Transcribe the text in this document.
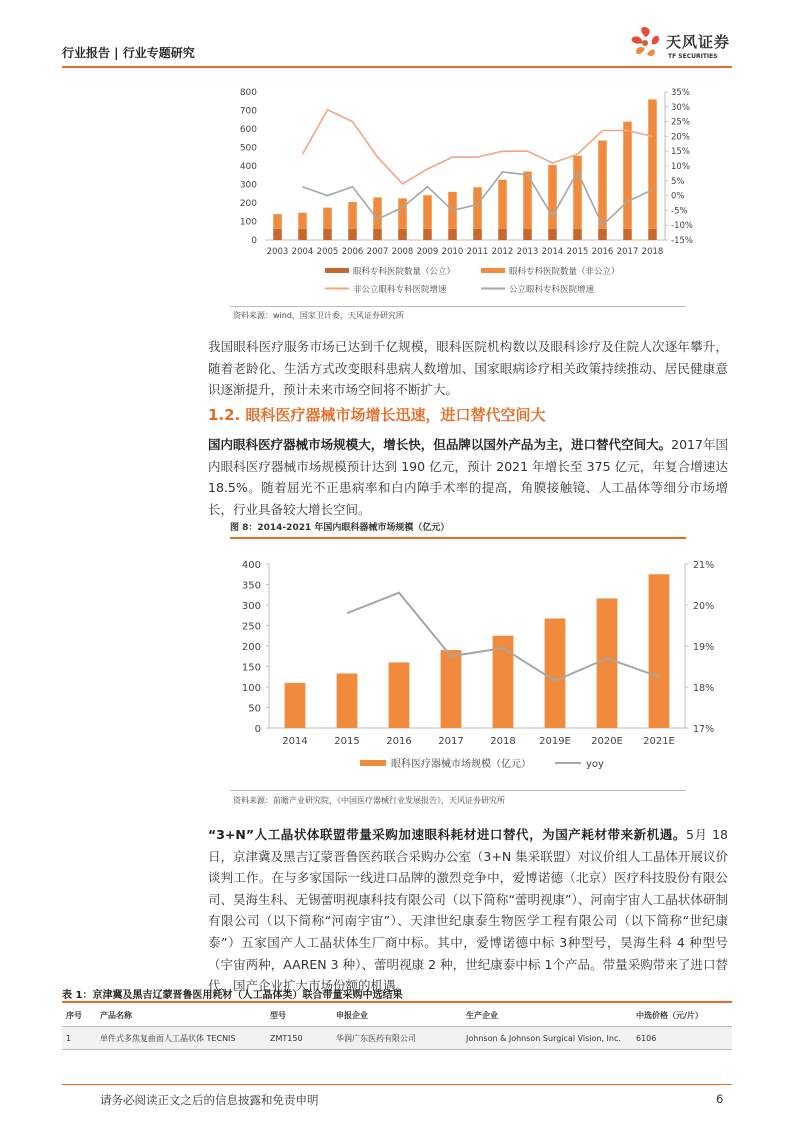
行业报告 | 行业专题研究
天风证券
TF SECURITIES
0
100
200
300
400
500
600
700
800
-15%
-10%
-5%
0%
5%
10%
15%
20%
25%
30%
35%
2003 2004 2005 2006 2007 2008 2009 2010 2011 2012 2013 2014 2015 2016 2017 2018
眼科专科医院数量（公立）	眼科专科医院数量（非公立）
非公立眼科专科医院增速	公立眼科专科医院增速
资料来源：wind，国家卫计委，天风证券研究所
我国眼科医疗服务市场已达到千亿规模，眼科医院机构数以及眼科诊疗及住院人次逐年攀升，随着老龄化、生活方式改变眼科患病人数增加、国家眼病诊疗相关政策持续推动、居民健康意识逐渐提升，预计未来市场空间将不断扩大。
1.2. 眼科医疗器械市场增长迅速，进口替代空间大
国内眼科医疗器械市场规模大，增长快，但品牌以国外产品为主，进口替代空间大。2017年国内眼科医疗器械市场规模预计达到 190 亿元，预计 2021 年增长至 375 亿元，年复合增速达 18.5%。随着屈光不正患病率和白内障手术率的提高，角膜接触镜、人工晶体等细分市场增长，行业具备较大增长空间。
图 8：2014-2021 年国内眼科器械市场规模（亿元）
0
50
100
150
200
250
300
350
400
17%
18%
19%
20%
21%
2014	2015	2016	2017	2018 2019E 2020E 2021E
眼科医疗器械市场规模（亿元）	yoy
资料来源：前瞻产业研究院，《中国医疗器械行业发展报告》，天风证券研究所
“3+N”人工晶状体联盟带量采购加速眼科耗材进口替代，为国产耗材带来新机遇。5月 18 日，京津冀及黑吉辽蒙晋鲁医药联合采购办公室（3+N 集采联盟）对议价组人工晶体开展议价谈判工作。在与多家国际一线进口品牌的激烈竞争中，爱博诺德（北京）医疗科技股份有限公司、昊海生科、无锡蕾明视康科技有限公司（以下简称“蕾明视康”）、河南宇宙人工晶状体研制有限公司（以下简称“河南宇宙”）、天津世纪康泰生物医学工程有限公司（以下简称“世纪康泰”）五家国产人工晶状体生厂商中标。其中，爱博诺德中标 3种型号，昊海生科 4 种型号（宇宙两种，AAREN 3 种）、蕾明视康 2 种，世纪康泰中标 1个产品。带量采购带来了进口替代、国产企业扩大市场份额的机遇。
表 1：京津冀及黑吉辽蒙晋鲁医用耗材（人工晶体类）联合带量采购中选结果
序号	产品名称	型号	申报企业	生产企业	中选价格（元/片）
1	单件式多焦复曲面人工晶状体 TECNIS	ZMT150	华润广东医药有限公司	Johnson & Johnson Surgical Vision, Inc.	6106
请务必阅读正文之后的信息披露和免责申明	6
